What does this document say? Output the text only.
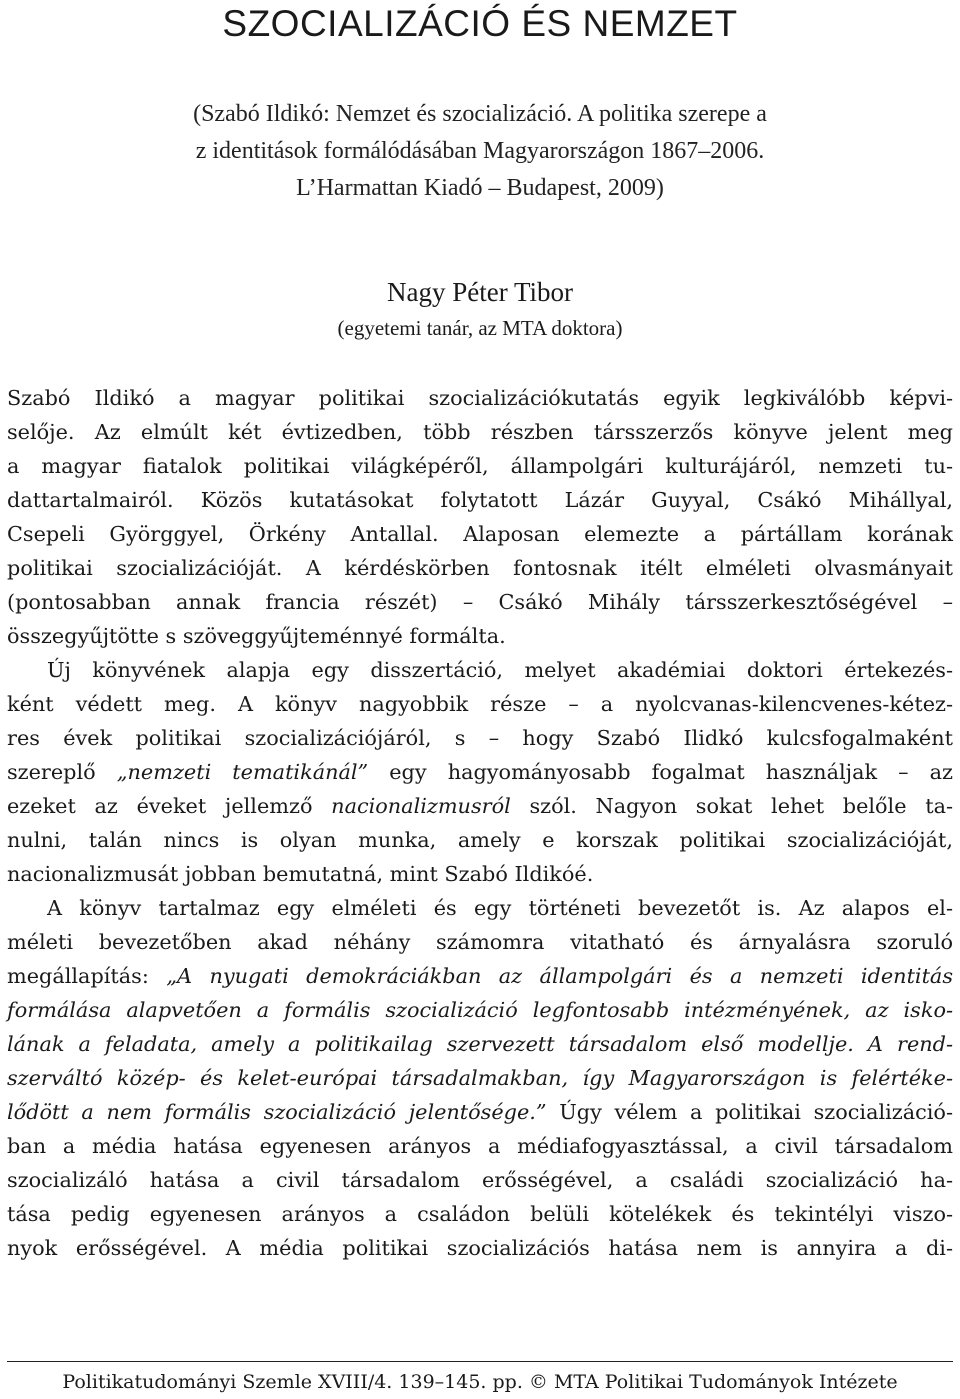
SZOCIALIZÁCIÓ ÉS NEMZET
(Szabó Ildikó: Nemzet és szocializáció. A politika szerepe a
z identitások formálódásában Magyarországon 1867–2006.
L’Harmattan Kiadó – Budapest, 2009)
Nagy Péter Tibor
(egyetemi tanár, az MTA doktora)
Szabó Ildikó a magyar politikai szocializációkutatás egyik legkiválóbb képvi-
selője. Az elmúlt két évtizedben, több részben társszerzős könyve jelent meg
a magyar fiatalok politikai világképéről, állampolgári kulturájáról, nemzeti tu-
dattartalmairól. Közös kutatásokat folytatott Lázár Guyyal, Csákó Mihállyal,
Csepeli Györggyel, Örkény Antallal. Alaposan elemezte a pártállam korának
politikai szocializációját. A kérdéskörben fontosnak itélt elméleti olvasmányait
(pontosabban annak francia részét) – Csákó Mihály társszerkesztőségével –
összegyűjtötte s szöveggyűjteménnyé formálta.
Új könyvének alapja egy disszertáció, melyet akadémiai doktori értekezés-
ként védett meg. A könyv nagyobbik része – a nyolcvanas-kilencvenes-kétez-
res évek politikai szocializációjáról, s – hogy Szabó Ilidkó kulcsfogalmaként
szereplő „nemzeti tematikánál” egy hagyományosabb fogalmat használjak – az
ezeket az éveket jellemző nacionalizmusról szól. Nagyon sokat lehet belőle ta-
nulni, talán nincs is olyan munka, amely e korszak politikai szocializációját,
nacionalizmusát jobban bemutatná, mint Szabó Ildikóé.
A könyv tartalmaz egy elméleti és egy történeti bevezetőt is. Az alapos el-
méleti bevezetőben akad néhány számomra vitatható és árnyalásra szoruló
megállapítás: „A nyugati demokráciákban az állampolgári és a nemzeti identitás
formálása alapvetően a formális szocializáció legfontosabb intézményének, az isko-
lának a feladata, amely a politikailag szervezett társadalom első modellje. A rend-
szerváltó közép- és kelet-európai társadalmakban, így Magyarországon is felértéke-
lődött a nem formális szocializáció jelentősége.” Úgy vélem a politikai szocializáció-
ban a média hatása egyenesen arányos a médiafogyasztással, a civil társadalom
szocializáló hatása a civil társadalom erősségével, a családi szocializáció ha-
tása pedig egyenesen arányos a családon belüli kötelékek és tekintélyi viszo-
nyok erősségével. A média politikai szocializációs hatása nem is annyira a di-
Politikatudományi Szemle XVIII/4. 139–145. pp. © MTA Politikai Tudományok Intézete
